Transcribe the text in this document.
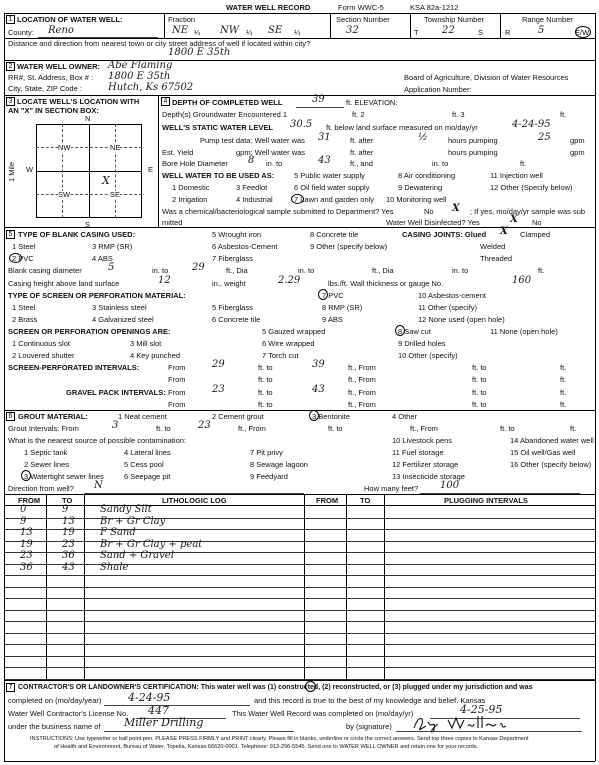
WATER WELL RECORD	Form WWC-5	KSA 82a-1212
1 LOCATION OF WATER WELL:
County: Reno
Fraction
NE ¼ NW ¼ SE ¼
Section Number
32
Township Number
T 22	S
Range Number
R	5	E/W
Distance and direction from nearest town or city street address of well if located within city?
1800 E 35th
2 WATER WELL OWNER: Abe Flaming
RR#, St. Address, Box # : 1800 E 35th
City, State, ZIP Code :	Hutch, Ks 67502
Board of Agriculture, Division of Water Resources
Application Number:
3 LOCATE WELL'S LOCATION WITH
AN "X" IN SECTION BOX:
N
S
W	E
1 Mile
NW	NE
SW	SE
X
4 DEPTH OF COMPLETED WELL	39	ft. ELEVATION:
Depth(s) Groundwater Encountered 1	ft. 2	ft. 3	ft.
WELL'S STATIC WATER LEVEL 30.5 ft. below land surface measured on mo/day/yr	4-24-95
Pump test data: Well water was 31	ft. after	½	hours pumping	25	gpm
Est. Yield	gpm: Well water was	ft. after	hours pumping	gpm
Bore Hole Diameter 8 in. to	43	ft., and	in. to	ft.
WELL WATER TO BE USED AS:	5 Public water supply	8 Air conditioning	11 Injection well
1 Domestic	3 Feedlot	6 Oil field water supply	9 Dewatering	12 Other (Specify below)
2 Irrigation	4 Industrial	7 Lawn and garden only 10 Monitoring well
Was a chemical/bacteriological sample submitted to Department? Yes	No X ; If yes, mo/day/yr sample was sub
mitted	Water Well Disinfected? Yes	X No
5 TYPE OF BLANK CASING USED:	5 Wrought iron	8 Concrete tile	CASING JOINTS: Glued X Clamped
1 Steel	3 RMP (SR)	6 Asbestos-Cement	9 Other (specify below)	Welded
2 PVC	4 ABS	7 Fiberglass	Threaded
Blank casing diameter	5	in. to 29	ft., Dia	in. to	ft., Dia	in. to	ft.
Casing height above land surface	12	in., weight	2.29	lbs./ft. Wall thickness or gauge No.	160
TYPE OF SCREEN OR PERFORATION MATERIAL:	7 PVC	10 Asbestos-cement
1 Steel	3 Stainless steel	5 Fiberglass	8 RMP (SR)	11 Other (specify)
2 Brass	4 Galvanized steel	6 Concrete tile	9 ABS	12 None used (open hole)
SCREEN OR PERFORATION OPENINGS ARE:	5 Gauzed wrapped	8 Saw cut	11 None (open hole)
1 Continuous slot	3 Mill slot	6 Wire wrapped	9 Drilled holes
2 Louvered shutter	4 Key punched	7 Torch cut	10 Other (specify)
SCREEN-PERFORATED INTERVALS:	From	29	ft. to	39	ft., From	ft. to	ft.
From	ft. to	ft., From	ft. to	ft.
GRAVEL PACK INTERVALS: From	23	ft. to	43	ft., From	ft. to	ft.
From	ft. to	ft., From	ft. to	ft.
6 GROUT MATERIAL:	1 Neat cement	2 Cement grout	3 Bentonite	4 Other
Grout Intervals: From	3	ft. to	23	ft., From	ft. to	ft., From	ft. to	ft.
What is the nearest source of possible contamination:	10 Livestock pens	14 Abandoned water well
1 Septic tank	4 Lateral lines	7 Pit privy	11 Fuel storage	15 Oil well/Gas well
2 Sewer lines	5 Cess pool	8 Sewage lagoon	12 Fertilizer storage	16 Other (specify below)
3 Watertight sewer lines	6 Seepage pit	9 Feedyard	13 Insecticide storage
Direction from well? N	How many feet? 100
FROM	TO	LITHOLOGIC LOG	FROM	TO	PLUGGING INTERVALS
0	9	Sandy Silt
9	13	Br + Gr Clay
13	19	F Sand
19	23	Br + Gr Clay + peat
23	36	Sand + Gravel
36	43	Shale
7 CONTRACTOR'S OR LANDOWNER'S CERTIFICATION: This water well was (1) constructed, (2) reconstructed, or (3) plugged under my jurisdiction and was
completed on (mo/day/year) 4-24-95	and this record is true to the best of my knowledge and belief. Kansas
Water Well Contractor's License No. 447	This Water Well Record was completed on (mo/day/yr)	4-25-95
under the business name of Miller Drilling	by (signature)
INSTRUCTIONS: Use typewriter or ball point pen. PLEASE PRESS FIRMLY and PRINT clearly. Please fill in blanks, underline or circle the correct answers. Send top three copies to Kansas Department
of Health and Environment, Bureau of Water, Topeka, Kansas 66620-0001. Telephone: 913-296-5545. Send one to WATER WELL OWNER and retain one for your records.
